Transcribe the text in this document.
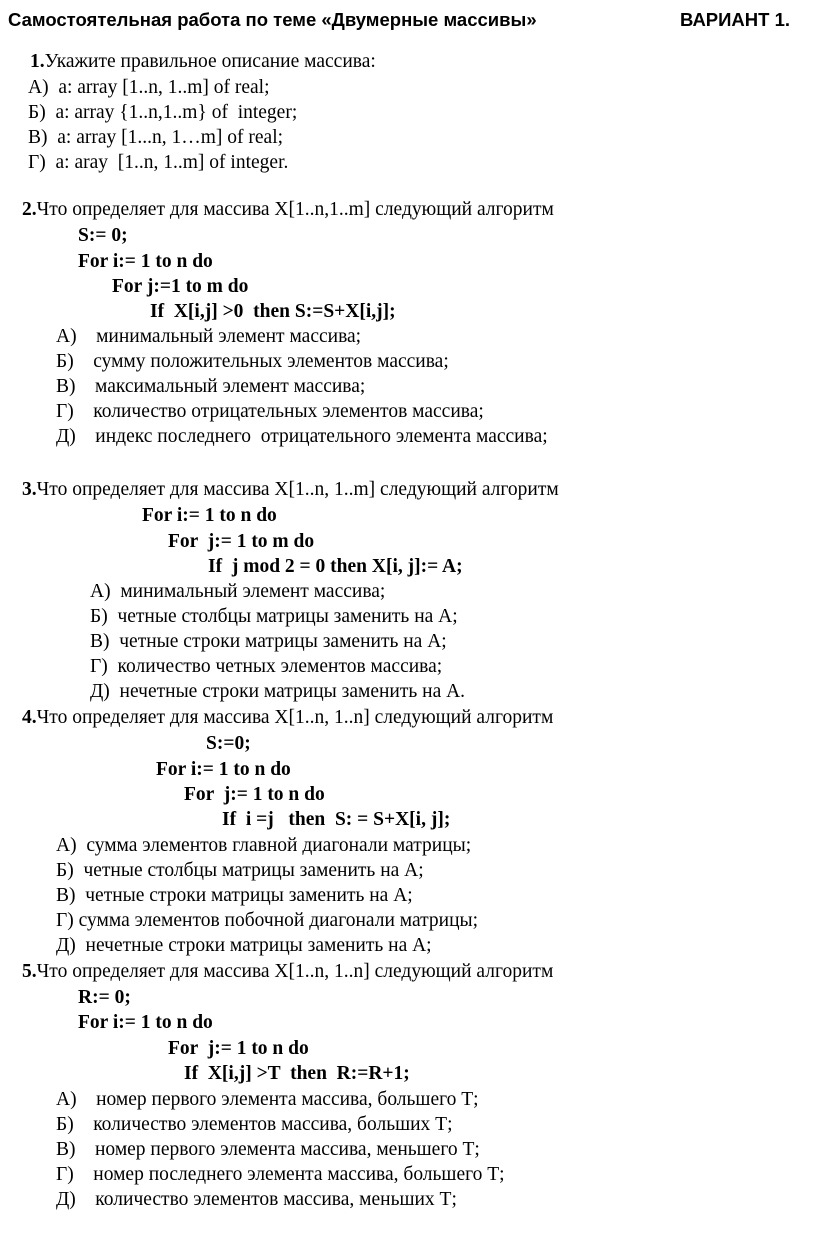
Самостоятельная работа по теме «Двумерные массивы»	ВАРИАНТ 1.
1.Укажите правильное описание массива:
А)  a: array [1..n, 1..m] of real;
Б)  a: array {1..n,1..m} of  integer;
В)  a: array [1...n, 1…m] of real;
Г)  a: aray  [1..n, 1..m] of integer.
2.Что определяет для массива X[1..n,1..m] следующий алгоритм
S:= 0;
For i:= 1 to n do
For j:=1 to m do
If  X[i,j] >0  then S:=S+X[i,j];
А)    минимальный элемент массива;
Б)    сумму положительных элементов массива;
В)    максимальный элемент массива;
Г)    количество отрицательных элементов массива;
Д)    индекс последнего  отрицательного элемента массива;
3.Что определяет для массива X[1..n, 1..m] следующий алгоритм
For i:= 1 to n do
For  j:= 1 to m do
If  j mod 2 = 0 then X[i, j]:= A;
А)  минимальный элемент массива;
Б)  четные столбцы матрицы заменить на А;
В)  четные строки матрицы заменить на А;
Г)  количество четных элементов массива;
Д)  нечетные строки матрицы заменить на А.
4.Что определяет для массива X[1..n, 1..n] следующий алгоритм
S:=0;
For i:= 1 to n do
For  j:= 1 to n do
If  i =j   then  S: = S+X[i, j];
А)  сумма элементов главной диагонали матрицы;
Б)  четные столбцы матрицы заменить на А;
В)  четные строки матрицы заменить на А;
Г) сумма элементов побочной диагонали матрицы;
Д)  нечетные строки матрицы заменить на А;
5.Что определяет для массива X[1..n, 1..n] следующий алгоритм
R:= 0;
For i:= 1 to n do
For  j:= 1 to n do
If  X[i,j] >T  then  R:=R+1;
А)    номер первого элемента массива, большего Т;
Б)    количество элементов массива, больших Т;
В)    номер первого элемента массива, меньшего Т;
Г)    номер последнего элемента массива, большего Т;
Д)    количество элементов массива, меньших Т;
